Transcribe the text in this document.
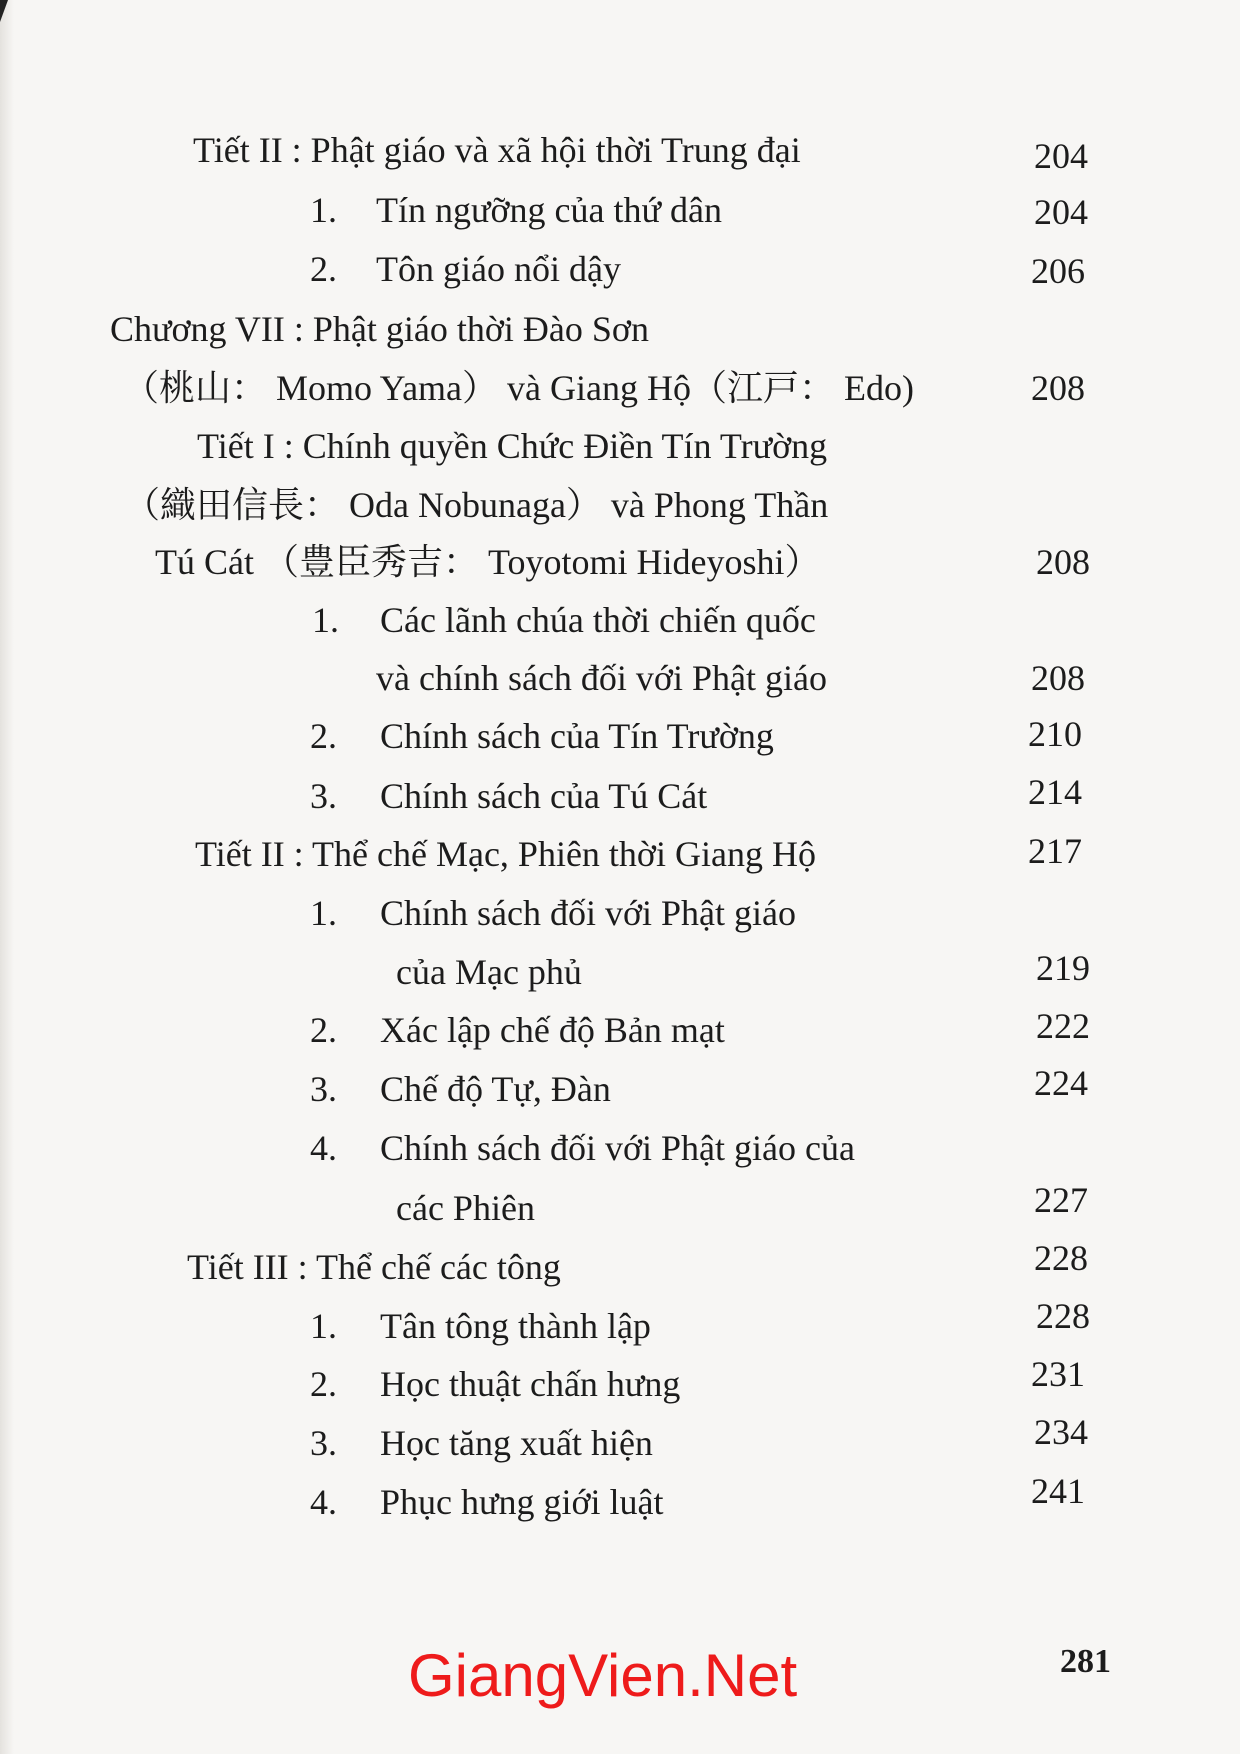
Tiết II : Phật giáo và xã hội thời Trung đại	204
1. Tín ngưỡng của thứ dân	204
2. Tôn giáo nổi dậy	206
Chương VII : Phật giáo thời Đào Sơn
（桃山： Momo Yama） và Giang Hộ（江戸： Edo)	208
Tiết I : Chính quyền Chức Điền Tín Trường
（織田信長： Oda Nobunaga） và Phong Thần
Tú Cát （豊臣秀吉： Toyotomi Hideyoshi）	208
1. Các lãnh chúa thời chiến quốc
và chính sách đối với Phật giáo	208
2. Chính sách của Tín Trường	210
3. Chính sách của Tú Cát	214
Tiết II : Thể chế Mạc, Phiên thời Giang Hộ	217
1. Chính sách đối với Phật giáo
của Mạc phủ	219
2. Xác lập chế độ Bản mạt	222
3. Chế độ Tự, Đàn	224
4. Chính sách đối với Phật giáo của
các Phiên	227
Tiết III : Thể chế các tông	228
1. Tân tông thành lập	228
2. Học thuật chấn hưng	231
3. Học tăng xuất hiện	234
4. Phục hưng giới luật	241
GiangVien.Net	281
